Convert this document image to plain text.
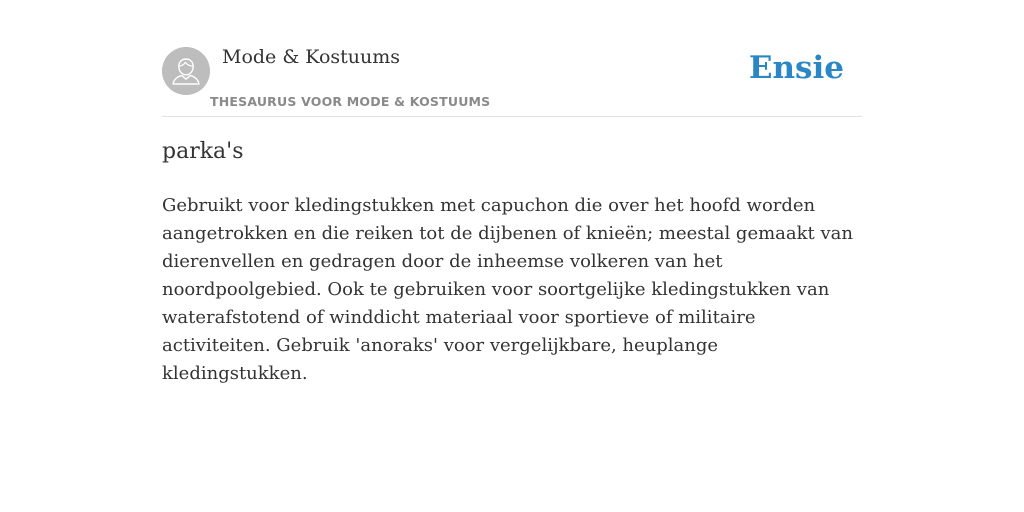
Mode & Kostuums
THESAURUS VOOR MODE & KOSTUUMS
Ensie
parka's

Gebruikt voor kledingstukken met capuchon die over het hoofd worden aangetrokken en die reiken tot de dijbenen of knieën; meestal gemaakt van dierenvellen en gedragen door de inheemse volkeren van het noordpoolgebied. Ook te gebruiken voor soortgelijke kledingstukken van waterafstotend of winddicht materiaal voor sportieve of militaire activiteiten. Gebruik 'anoraks' voor vergelijkbare, heuplange kledingstukken.
